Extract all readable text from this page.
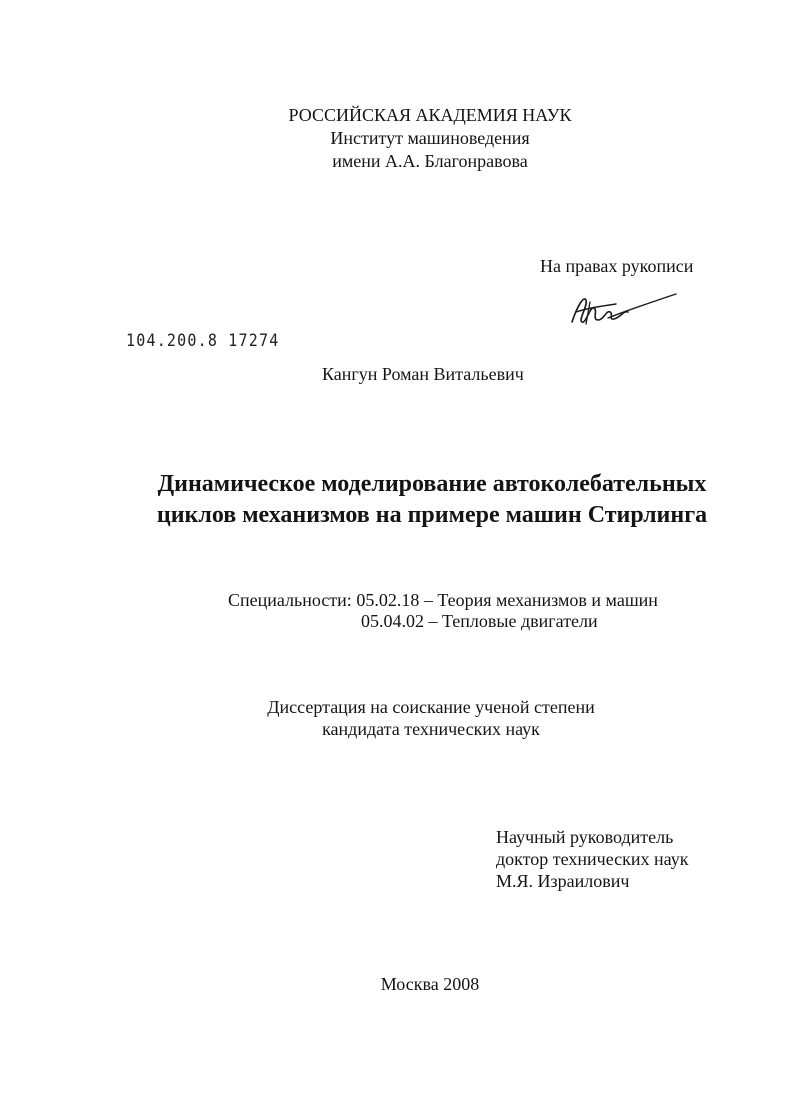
РОССИЙСКАЯ АКАДЕМИЯ НАУК
Институт машиноведения
имени А.А. Благонравова
На правах рукописи
104.200.8 17274
Кангун Роман Витальевич
Динамическое моделирование автоколебательных
циклов механизмов на примере машин Стирлинга
Специальности: 05.02.18 – Теория механизмов и машин
05.04.02 – Тепловые двигатели
Диссертация на соискание ученой степени
кандидата технических наук
Научный руководитель
доктор технических наук
М.Я. Израилович
Москва 2008
